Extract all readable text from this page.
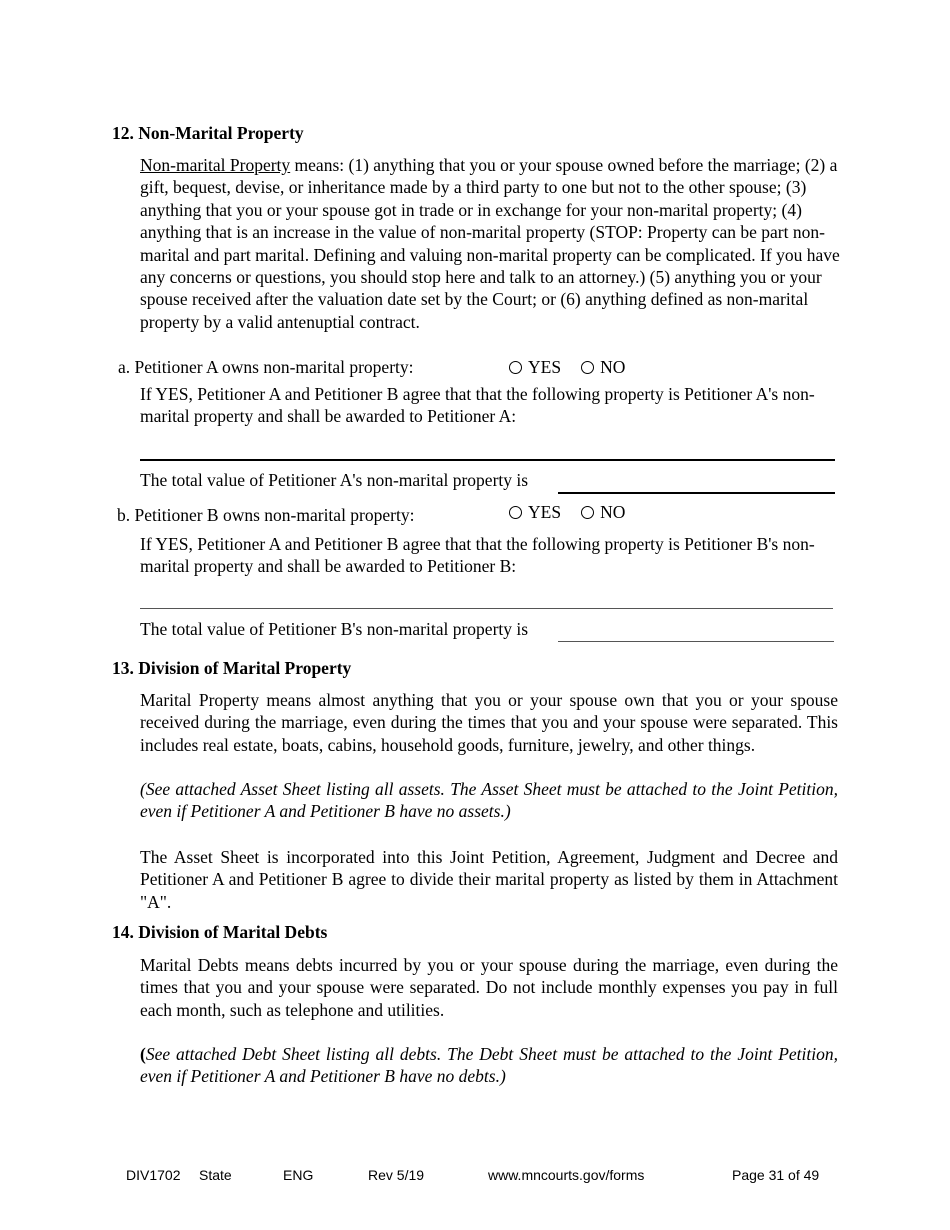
12. Non-Marital Property
Non-marital Property means: (1) anything that you or your spouse owned before the marriage; (2) a gift, bequest, devise, or inheritance made by a third party to one but not to the other spouse; (3) anything that you or your spouse got in trade or in exchange for your non-marital property; (4) anything that is an increase in the value of non-marital property (STOP: Property can be part non-marital and part marital. Defining and valuing non-marital property can be complicated. If you have any concerns or questions, you should stop here and talk to an attorney.) (5) anything you or your spouse received after the valuation date set by the Court; or (6) anything defined as non-marital property by a valid antenuptial contract.
a. Petitioner A owns non-marital property:	YES NO
If YES, Petitioner A and Petitioner B agree that that the following property is Petitioner A's non-marital property and shall be awarded to Petitioner A:
The total value of Petitioner A's non-marital property is
b. Petitioner B owns non-marital property:	YES NO
If YES, Petitioner A and Petitioner B agree that that the following property is Petitioner B's non-marital property and shall be awarded to Petitioner B:
The total value of Petitioner B's non-marital property is
13. Division of Marital Property
Marital Property means almost anything that you or your spouse own that you or your spouse received during the marriage, even during the times that you and your spouse were separated. This includes real estate, boats, cabins, household goods, furniture, jewelry, and other things.
(See attached Asset Sheet listing all assets. The Asset Sheet must be attached to the Joint Petition, even if Petitioner A and Petitioner B have no assets.)
The Asset Sheet is incorporated into this Joint Petition, Agreement, Judgment and Decree and Petitioner A and Petitioner B agree to divide their marital property as listed by them in Attachment "A".
14. Division of Marital Debts
Marital Debts means debts incurred by you or your spouse during the marriage, even during the times that you and your spouse were separated. Do not include monthly expenses you pay in full each month, such as telephone and utilities.
(See attached Debt Sheet listing all debts. The Debt Sheet must be attached to the Joint Petition, even if Petitioner A and Petitioner B have no debts.)
DIV1702 State	ENG	Rev 5/19	www.mncourts.gov/forms	Page 31 of 49
